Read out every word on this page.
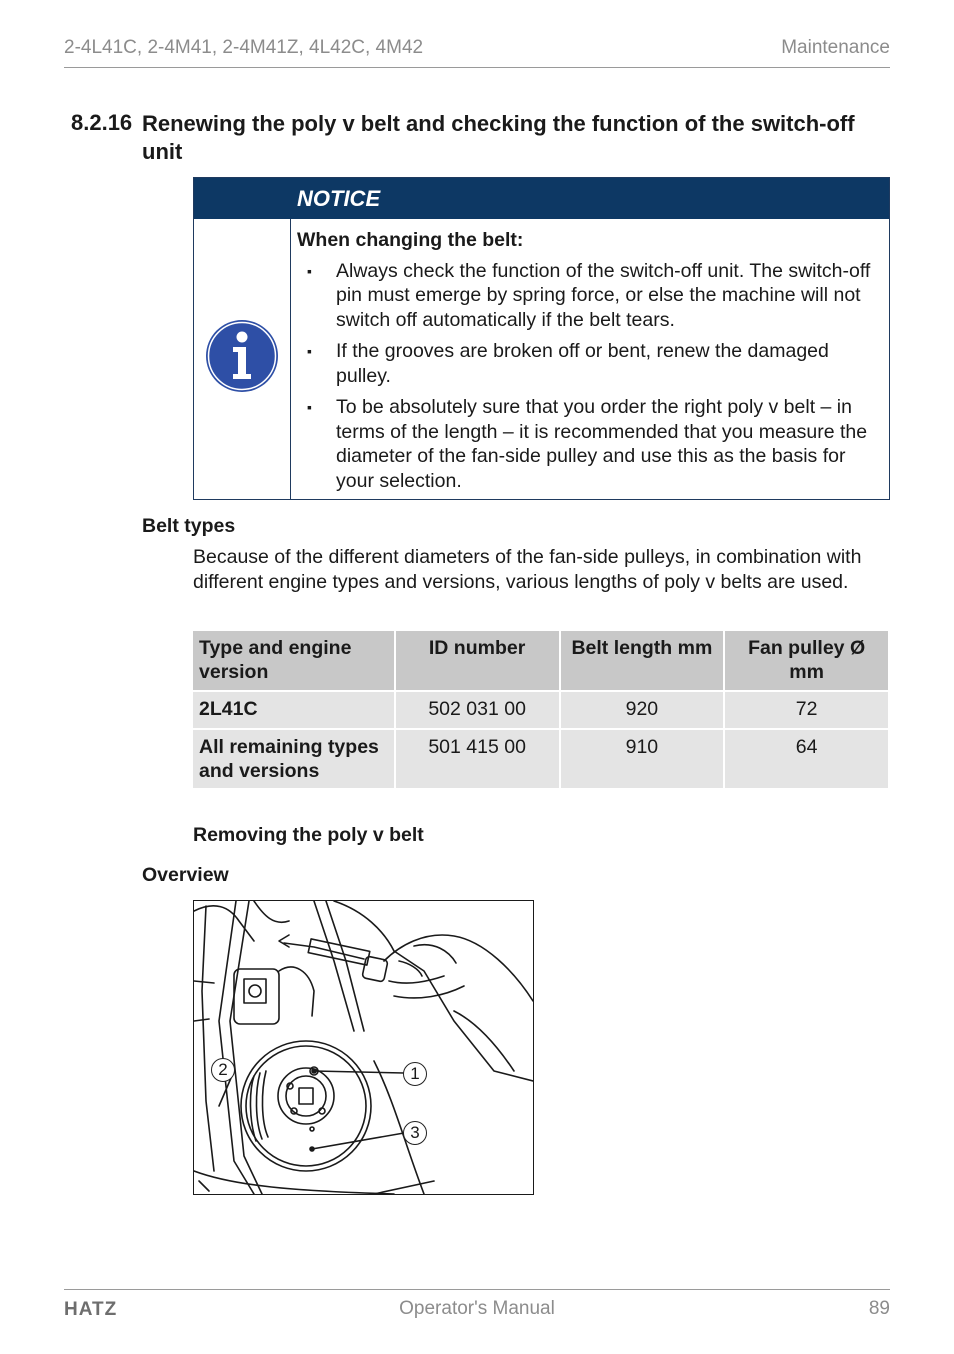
2-4L41C, 2-4M41, 2-4M41Z, 4L42C, 4M42	Maintenance
8.2.16 Renewing the poly v belt and checking the function of the switch-off unit
NOTICE
When changing the belt:
▪ Always check the function of the switch-off unit. The switch-off pin must emerge by spring force, or else the machine will not switch off automatically if the belt tears.
▪ If the grooves are broken off or bent, renew the damaged pulley.
▪ To be absolutely sure that you order the right poly v belt – in terms of the length – it is recommended that you measure the diameter of the fan-side pulley and use this as the basis for your selection.
Belt types
Because of the different diameters of the fan-side pulleys, in combination with different engine types and versions, various lengths of poly v belts are used.
Type and engine version	ID number	Belt length mm	Fan pulley Ø mm
2L41C	502 031 00	920	72
All remaining types and versions	501 415 00	910	64
Removing the poly v belt
Overview
1
2
3
HATZ	Operator's Manual	89
